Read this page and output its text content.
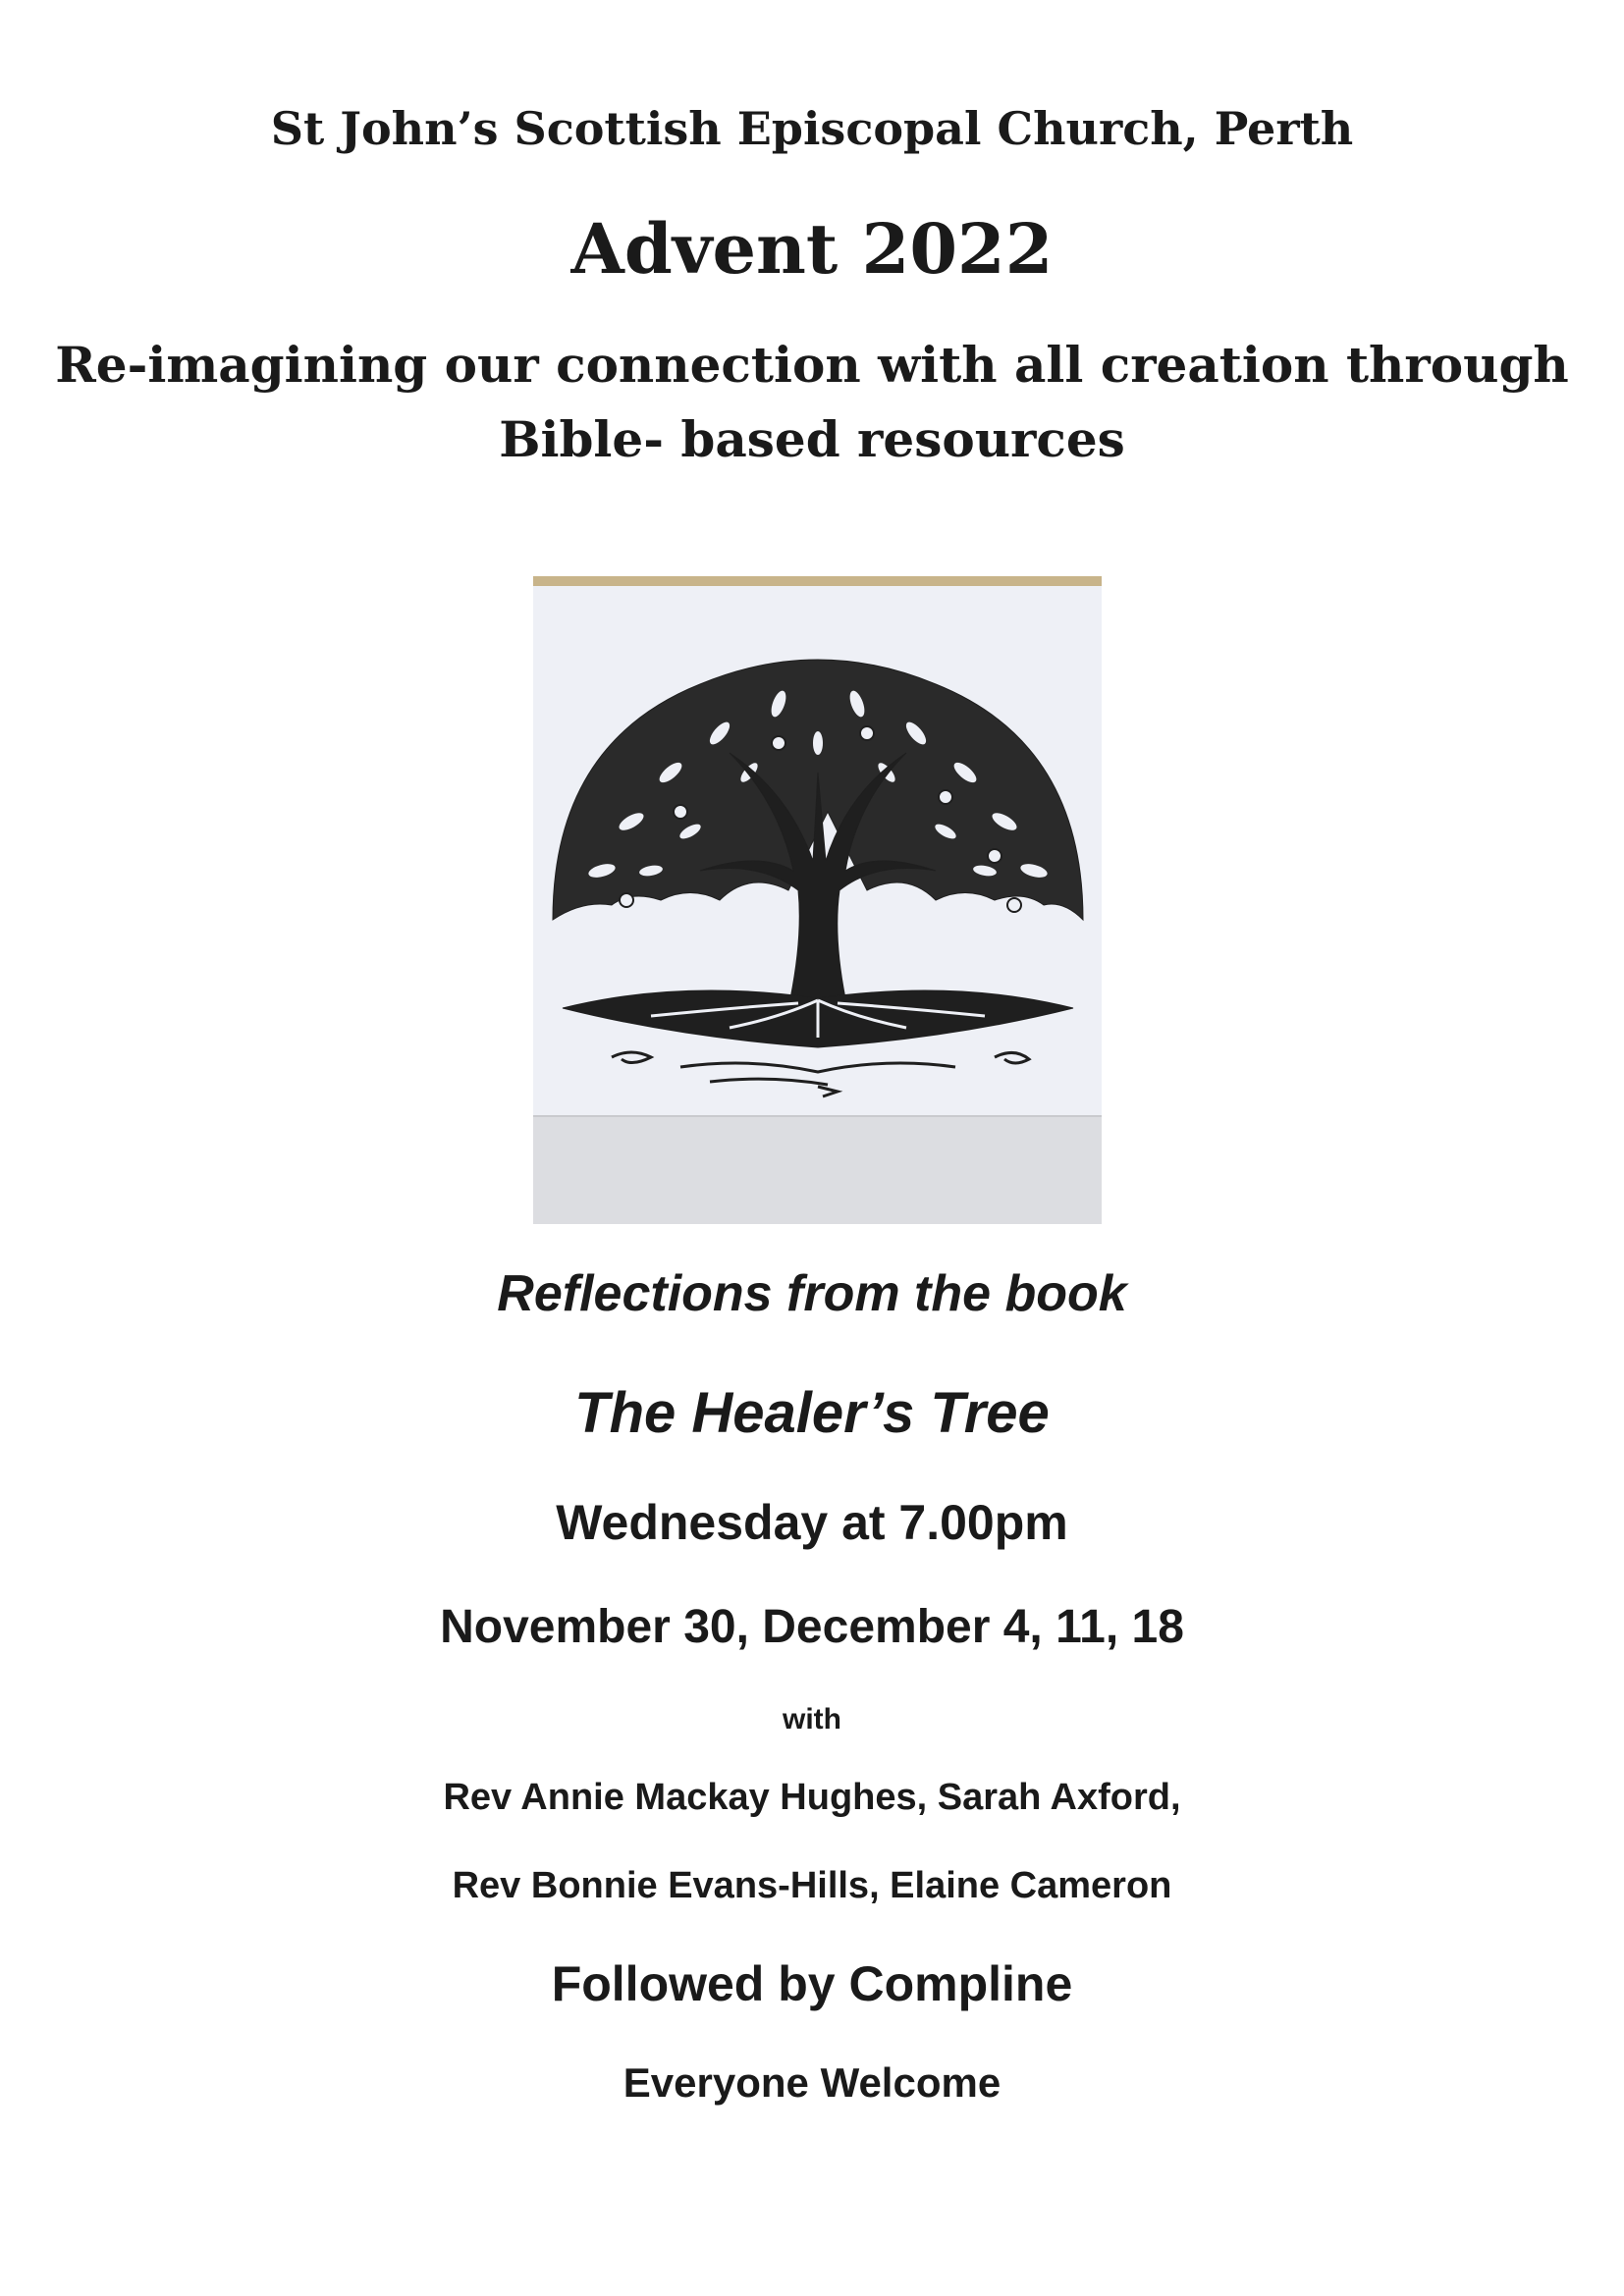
St John’s Scottish Episcopal Church, Perth
Advent 2022
Re-imagining our connection with all creation through
Bible- based resources
Reflections from the book
The Healer’s Tree
Wednesday at 7.00pm
November 30, December 4, 11, 18
with
Rev Annie Mackay Hughes, Sarah Axford,
Rev Bonnie Evans-Hills, Elaine Cameron
Followed by Compline
Everyone Welcome
